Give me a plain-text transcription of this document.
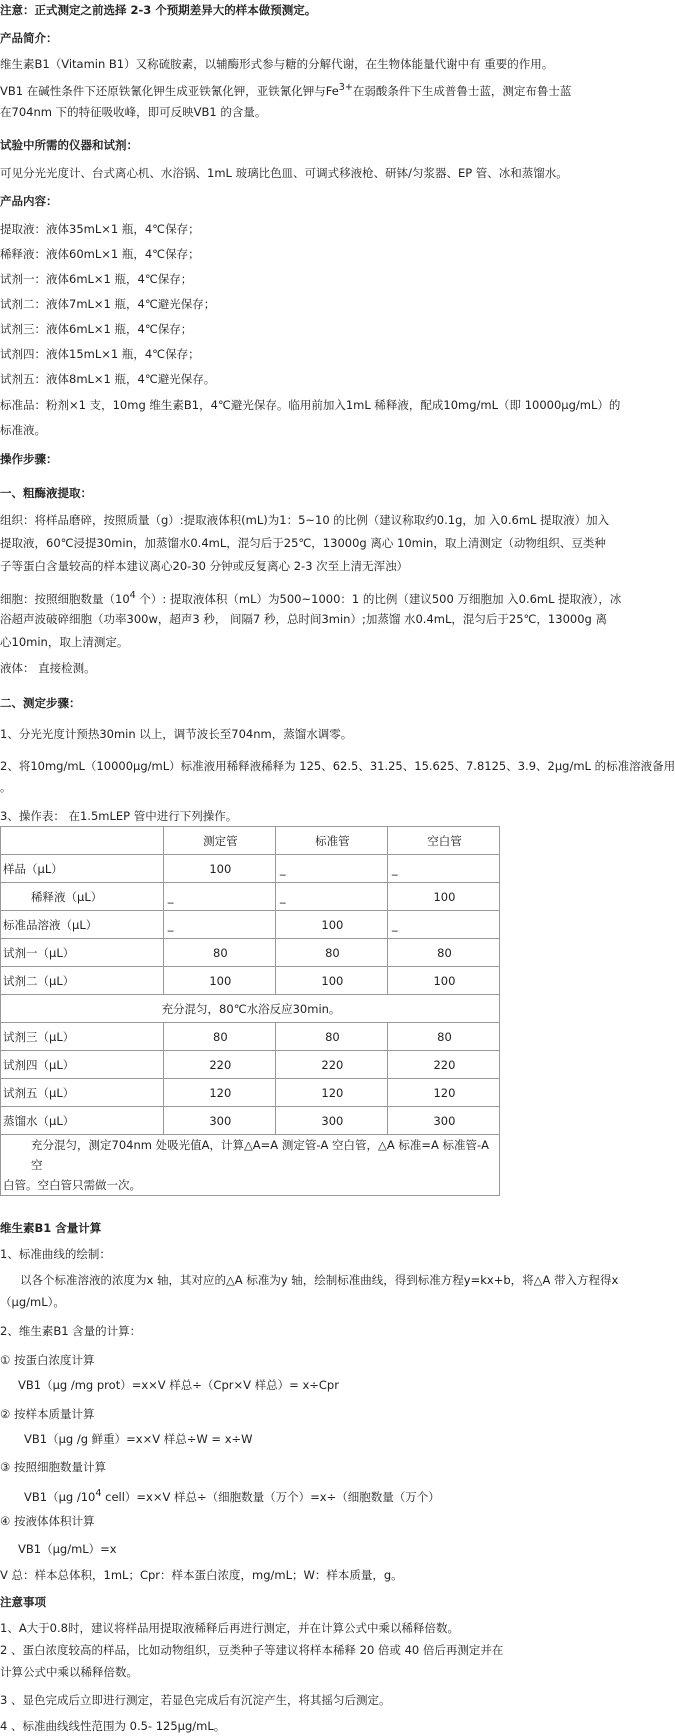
注意：正式测定之前选择 2-3 个预期差异大的样本做预测定。
产品简介：
维生素B1（Vitamin B1）又称硫胺素，以辅酶形式参与糖的分解代谢，在生物体能量代谢中有 重要的作用。
VB1 在碱性条件下还原铁氰化钾生成亚铁氰化钾，亚铁氰化钾与$Fe^{3+}$在弱酸条件下生成普鲁士蓝，测定布鲁士蓝
在704nm 下的特征吸收峰，即可反映VB1 的含量。
试验中所需的仪器和试剂：
可见分光光度计、台式离心机、水浴锅、1mL 玻璃比色皿、可调式移液枪、研钵/匀浆器、EP 管、冰和蒸馏水。
产品内容：
提取液：液体35mL×1 瓶，4℃保存；
稀释液：液体60mL×1 瓶，4℃保存；
试剂一：液体6mL×1 瓶，4℃保存；
试剂二：液体7mL×1 瓶，4℃避光保存；
试剂三：液体6mL×1 瓶，4℃保存；
试剂四：液体15mL×1 瓶，4℃保存；
试剂五：液体8mL×1 瓶，4℃避光保存。
标准品：粉剂×1 支，10mg 维生素B1，4℃避光保存。临用前加入1mL 稀释液，配成10mg/mL（即 10000μg/mL）的
标准液。
操作步骤：
一、粗酶液提取：
组织：将样品磨碎，按照质量（g）:提取液体积(mL)为1：5~10 的比例（建议称取约0.1g，加 入0.6mL 提取液）加入
提取液，60℃浸提30min，加蒸馏水0.4mL，混匀后于25℃，13000g 离心 10min，取上清测定（动物组织、豆类种
子等蛋白含量较高的样本建议离心20-30 分钟或反复离心 2-3 次至上清无浑浊）
细胞：按照细胞数量（$10^4$ 个）: 提取液体积（mL）为500~1000：1 的比例（建议500 万细胞加 入0.6mL 提取液），冰
浴超声波破碎细胞（功率300w，超声3 秒， 间隔7 秒，总时间3min）;加蒸馏 水0.4mL，混匀后于25℃，13000g 离
心10min，取上清测定。
液体： 直接检测。
二、测定步骤：
1、分光光度计预热30min 以上，调节波长至704nm，蒸馏水调零。
2、将10mg/mL（10000μg/mL）标准液用稀释液稀释为 125、62.5、31.25、15.625、7.8125、3.9、2μg/mL 的标准溶液备用
。
3、操作表： 在1.5mLEP 管中进行下列操作。
	测定管	标准管	空白管
样品（μL）	100	_	_
稀释液（μL）	_	_	100
标准品溶液（μL）	_	100	_
试剂一（μL）	80	80	80
试剂二（μL）	100	100	100
充分混匀，80℃水浴反应30min。			
试剂三（μL）	80	80	80
试剂四（μL）	220	220	220
试剂五（μL）	120	120	120
蒸馏水（μL）	300	300	300

充分混匀，测定704nm 处吸光值A，计算△A=A 测定管-A 空白管，△A 标准=A 标准管-A 空
白管。空白管只需做一次。			
维生素B1 含量计算
1、标准曲线的绘制：
以各个标准溶液的浓度为x 轴，其对应的△A 标准为y 轴，绘制标准曲线，得到标准方程y=kx+b，将△A 带入方程得x
（μg/mL）。
2、维生素B1 含量的计算：
① 按蛋白浓度计算
VB1（μg /mg prot）=x×V 样总÷（Cpr×V 样总）= x÷Cpr
② 按样本质量计算
VB1（μg /g 鲜重）=x×V 样总÷W = x÷W
③ 按照细胞数量计算
VB1（μg $/10^4$ cell）=x×V 样总÷（细胞数量（万个）=x÷（细胞数量（万个）
④ 按液体体积计算
VB1（μg/mL）=x
V 总：样本总体积，1mL；Cpr：样本蛋白浓度，mg/mL；W：样本质量，g。
注意事项
1、A大于0.8时，建议将样品用提取液稀释后再进行测定，并在计算公式中乘以稀释倍数。
2 、蛋白浓度较高的样品，比如动物组织，豆类种子等建议将样本稀释 20 倍或 40 倍后再测定并在
计算公式中乘以稀释倍数。
3 、显色完成后立即进行测定，若显色完成后有沉淀产生，将其摇匀后测定。
4 、标准曲线线性范围为 0.5- 125μg/mL。
